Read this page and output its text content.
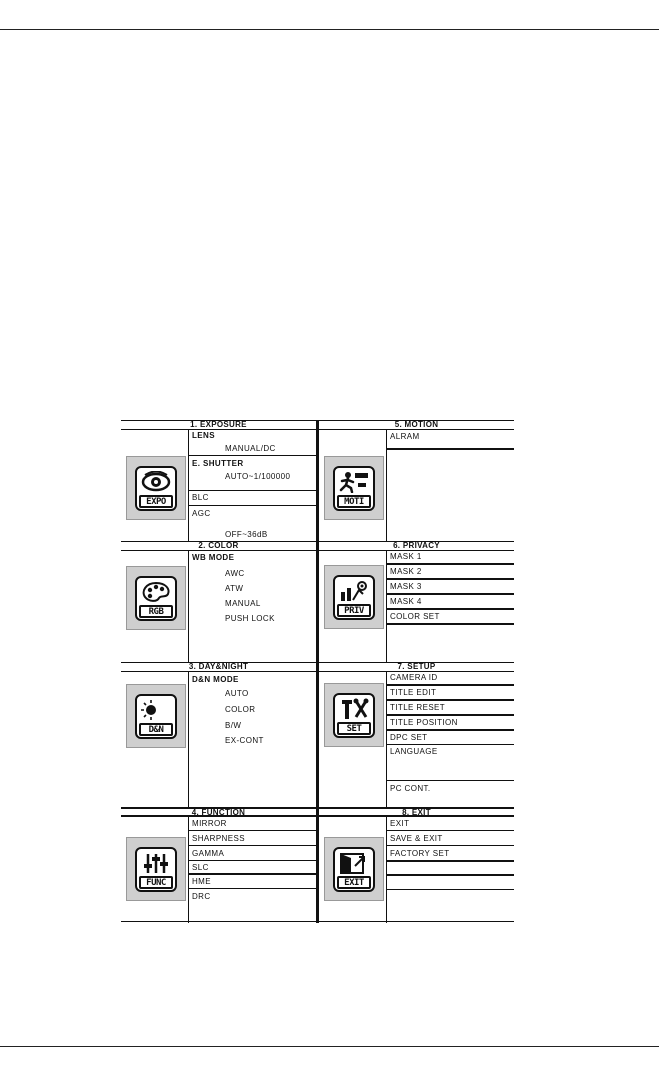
1. EXPOSURE
EXPO
LENS
MANUAL/DC
E. SHUTTER
AUTO~1/100000
BLC
AGC
OFF~36dB
2. COLOR
RGB
WB MODE
AWC
ATW
MANUAL
PUSH LOCK
3. DAY&NIGHT
D&N
D&N MODE
AUTO
COLOR
B/W
EX-CONT
4. FUNCTION
FUNC
MIRROR
SHARPNESS
GAMMA
SLC
HME
DRC
5. MOTION
MOTI
ALRAM
6. PRIVACY
PRIV
MASK 1
MASK 2
MASK 3
MASK 4
COLOR SET
7. SETUP
SET
CAMERA ID
TITLE EDIT
TITLE RESET
TITLE POSITION
DPC SET
LANGUAGE
PC CONT.
8. EXIT
EXIT
EXIT
SAVE & EXIT
FACTORY SET
